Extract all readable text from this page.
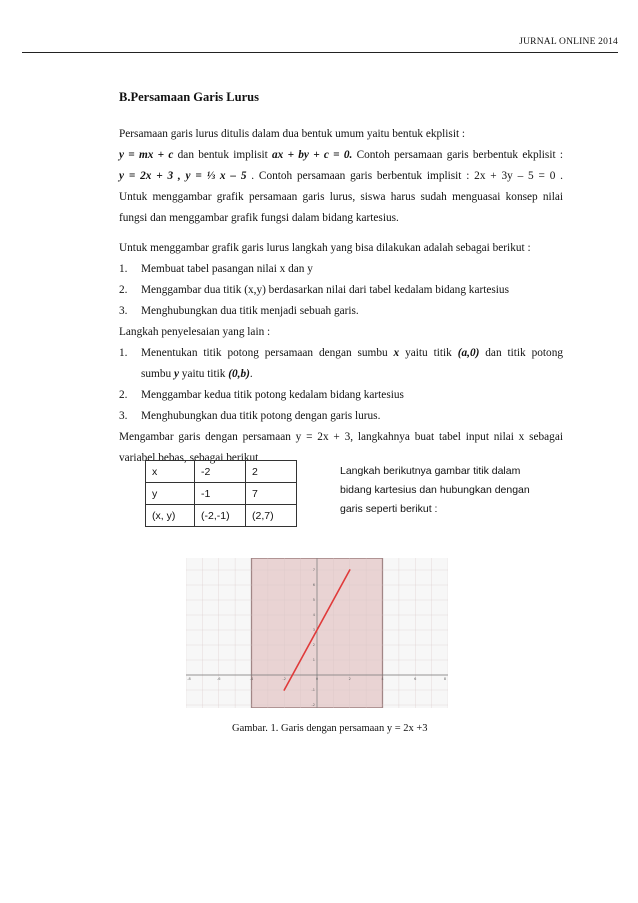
JURNAL ONLINE 2014
B.Persamaan Garis Lurus

Persamaan garis lurus ditulis dalam dua bentuk umum yaitu bentuk ekplisit :

y = mx + c dan bentuk implisit ax + by + c = 0. Contoh persamaan garis berbentuk ekplisit :

y = 2x + 3 , y = ⅓ x – 5 . Contoh persamaan garis berbentuk implisit : 2x + 3y – 5 = 0 .

Untuk menggambar grafik persamaan garis lurus, siswa harus sudah menguasai konsep nilai fungsi dan menggambar grafik fungsi dalam bidang kartesius.

Untuk menggambar grafik garis lurus langkah yang bisa dilakukan adalah sebagai berikut :

1.	Membuat tabel pasangan nilai x dan y
2.	Menggambar dua titik (x,y) berdasarkan nilai dari tabel kedalam bidang kartesius
3.	Menghubungkan dua titik menjadi sebuah garis.

Langkah penyelesaian yang lain :

1.	Menentukan titik potong persamaan dengan sumbu x yaitu titik (a,0) dan titik potong
sumbu y yaitu titik (0,b).
2.	Menggambar kedua titik potong kedalam bidang kartesius
3.	Menghubungkan dua titik potong dengan garis lurus.

Mengambar garis dengan persamaan y = 2x + 3, langkahnya buat tabel input nilai x sebagai variabel bebas, sebagai berikut

x	-2	2
y	-1	7
(x, y)	(-2,-1)	(2,7)
Langkah berikutnya gambar titik dalam
bidang kartesius dan hubungkan dengan
garis seperti berikut :
-8	-6	-4	-2	0	2	4	6	8
-2
-1
1
2
3
4
5
6
7
Gambar. 1. Garis dengan persamaan y = 2x +3
